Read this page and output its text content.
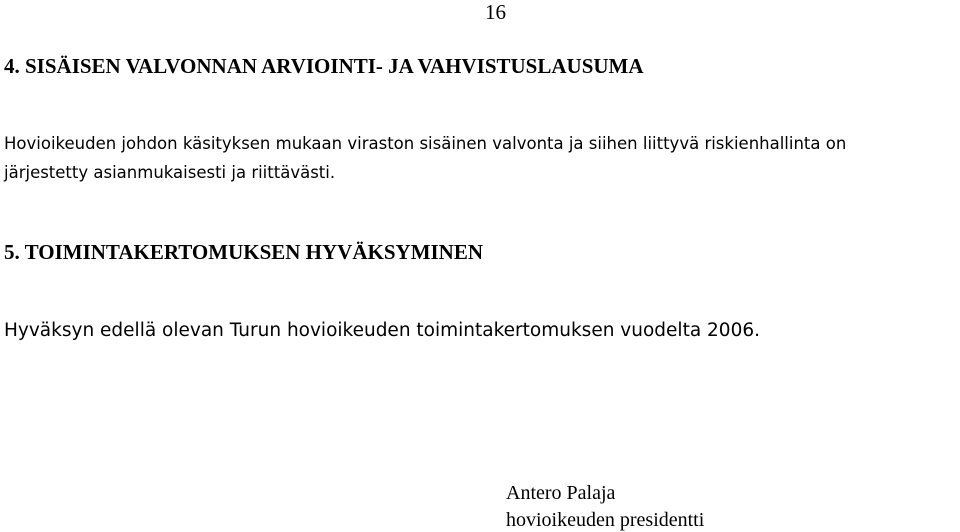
16
4. SISÄISEN VALVONNAN ARVIOINTI- JA VAHVISTUSLAUSUMA
Hovioikeuden johdon käsityksen mukaan viraston sisäinen valvonta ja siihen liittyvä riskienhallinta on
järjestetty asianmukaisesti ja riittävästi.
5. TOIMINTAKERTOMUKSEN HYVÄKSYMINEN
Hyväksyn edellä olevan Turun hovioikeuden toimintakertomuksen vuodelta 2006.
Antero Palaja
hovioikeuden presidentti
